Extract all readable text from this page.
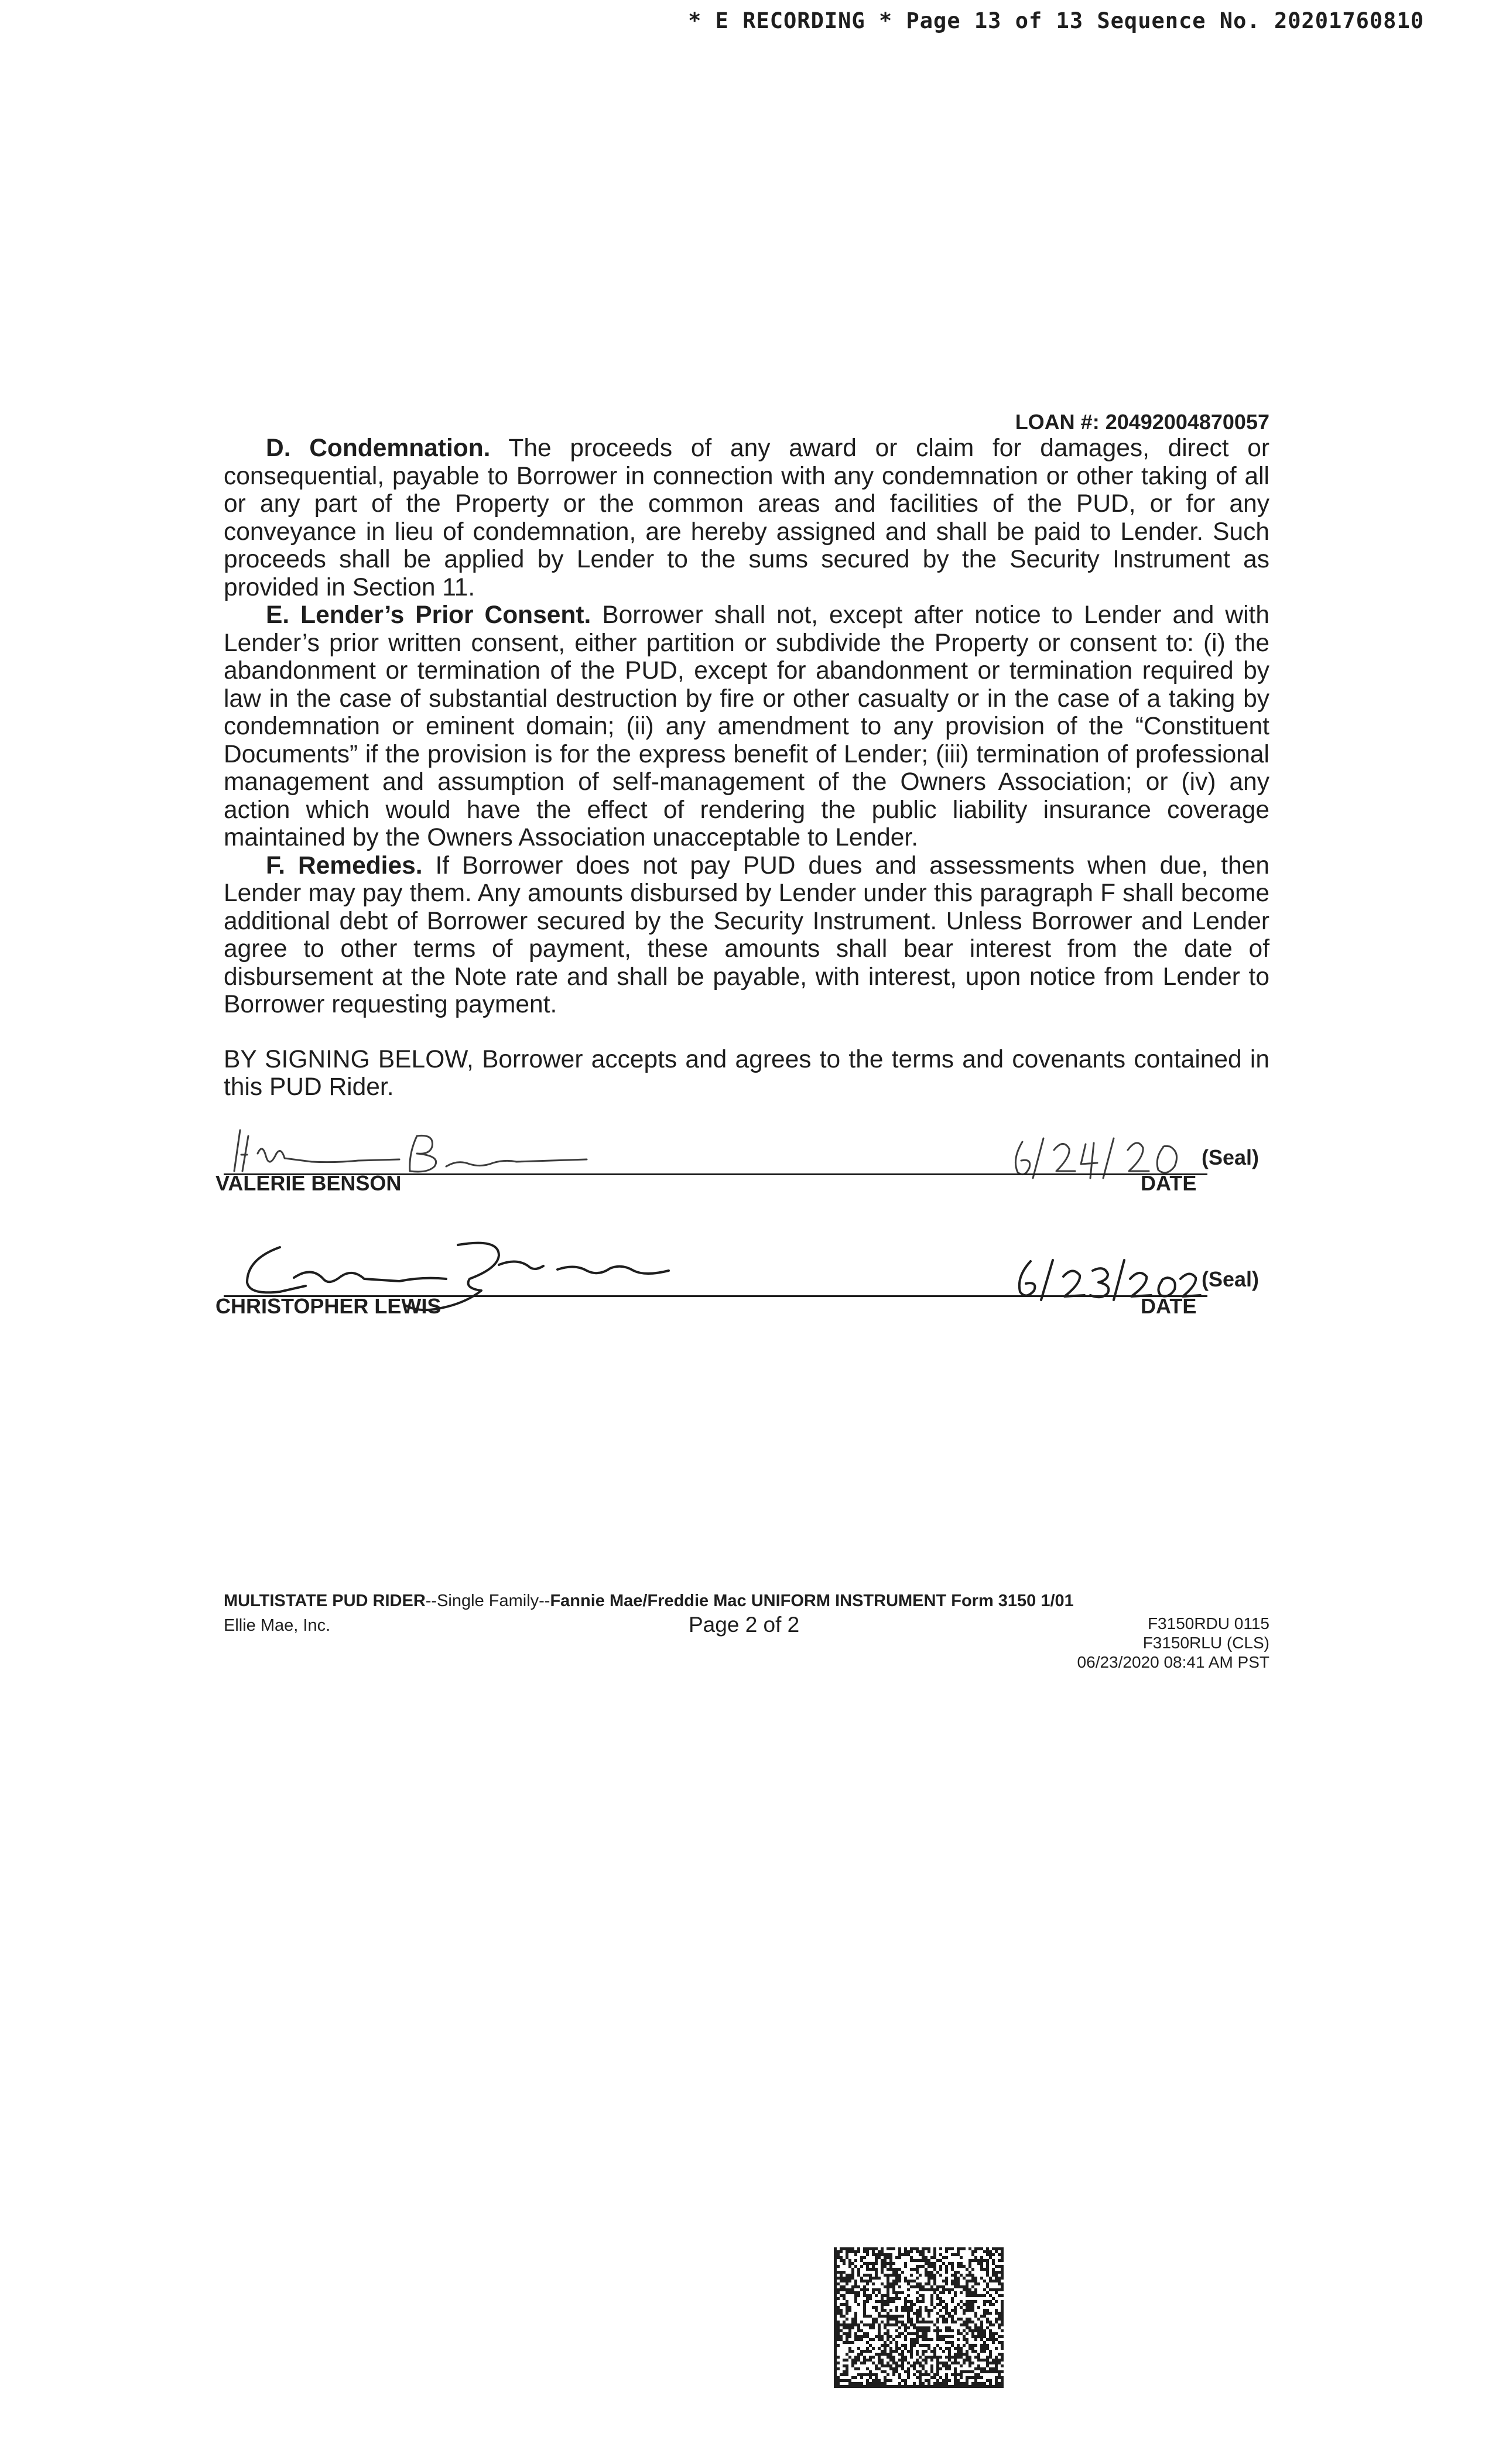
* E RECORDING * Page 13 of 13 Sequence No. 20201760810
LOAN #: 20492004870057

D. Condemnation. The proceeds of any award or claim for damages, direct or consequential, payable to Borrower in connection with any condemnation or other taking of all or any part of the Property or the common areas and facilities of the PUD, or for any conveyance in lieu of condemnation, are hereby assigned and shall be paid to Lender. Such proceeds shall be applied by Lender to the sums secured by the Security Instrument as provided in Section 11.

E. Lender’s Prior Consent. Borrower shall not, except after notice to Lender and with Lender’s prior written consent, either partition or subdivide the Property or consent to: (i) the abandonment or termination of the PUD, except for abandonment or termination required by law in the case of substantial destruction by fire or other casualty or in the case of a taking by condemnation or eminent domain; (ii) any amendment to any provision of the “Constituent Documents” if the provision is for the express benefit of Lender; (iii) termination of professional management and assumption of self-management of the Owners Association; or (iv) any action which would have the effect of rendering the public liability insurance coverage maintained by the Owners Association unacceptable to Lender.

F. Remedies. If Borrower does not pay PUD dues and assessments when due, then Lender may pay them. Any amounts disbursed by Lender under this paragraph F shall become additional debt of Borrower secured by the Security Instrument. Unless Borrower and Lender agree to other terms of payment, these amounts shall bear interest from the date of disbursement at the Note rate and shall be payable, with interest, upon notice from Lender to Borrower requesting payment.

BY SIGNING BELOW, Borrower accepts and agrees to the terms and covenants contained in this PUD Rider.

(Seal)
VALERIE BENSON	DATE
(Seal)
CHRISTOPHER LEWIS	DATE
MULTISTATE PUD RIDER--Single Family--Fannie Mae/Freddie Mac UNIFORM INSTRUMENT Form 3150 1/01
Ellie Mae, Inc.	Page 2 of 2	F3150RDU 0115
F3150RLU (CLS)
06/23/2020 08:41 AM PST
